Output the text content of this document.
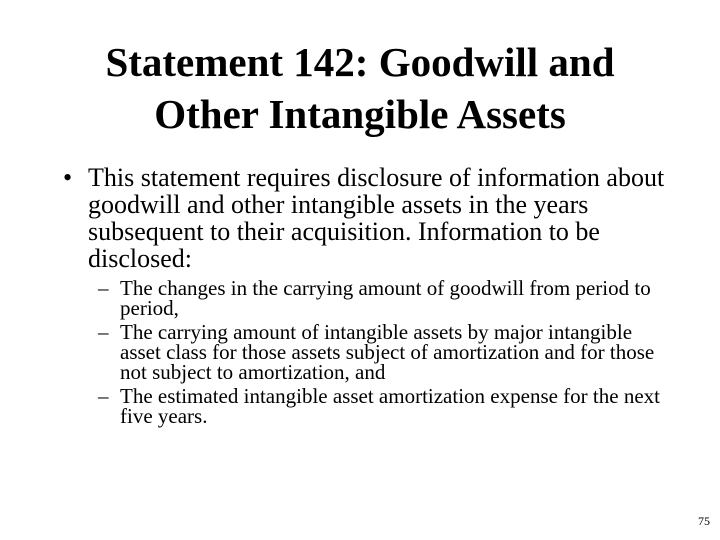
Statement 142: Goodwill and
Other Intangible Assets
• This statement requires disclosure of information about goodwill and other intangible assets in the years subsequent to their acquisition. Information to be disclosed:
– The changes in the carrying amount of goodwill from period to period,
– The carrying amount of intangible assets by major intangible asset class for those assets subject of amortization and for those not subject to amortization, and
– The estimated intangible asset amortization expense for the next five years.
75
